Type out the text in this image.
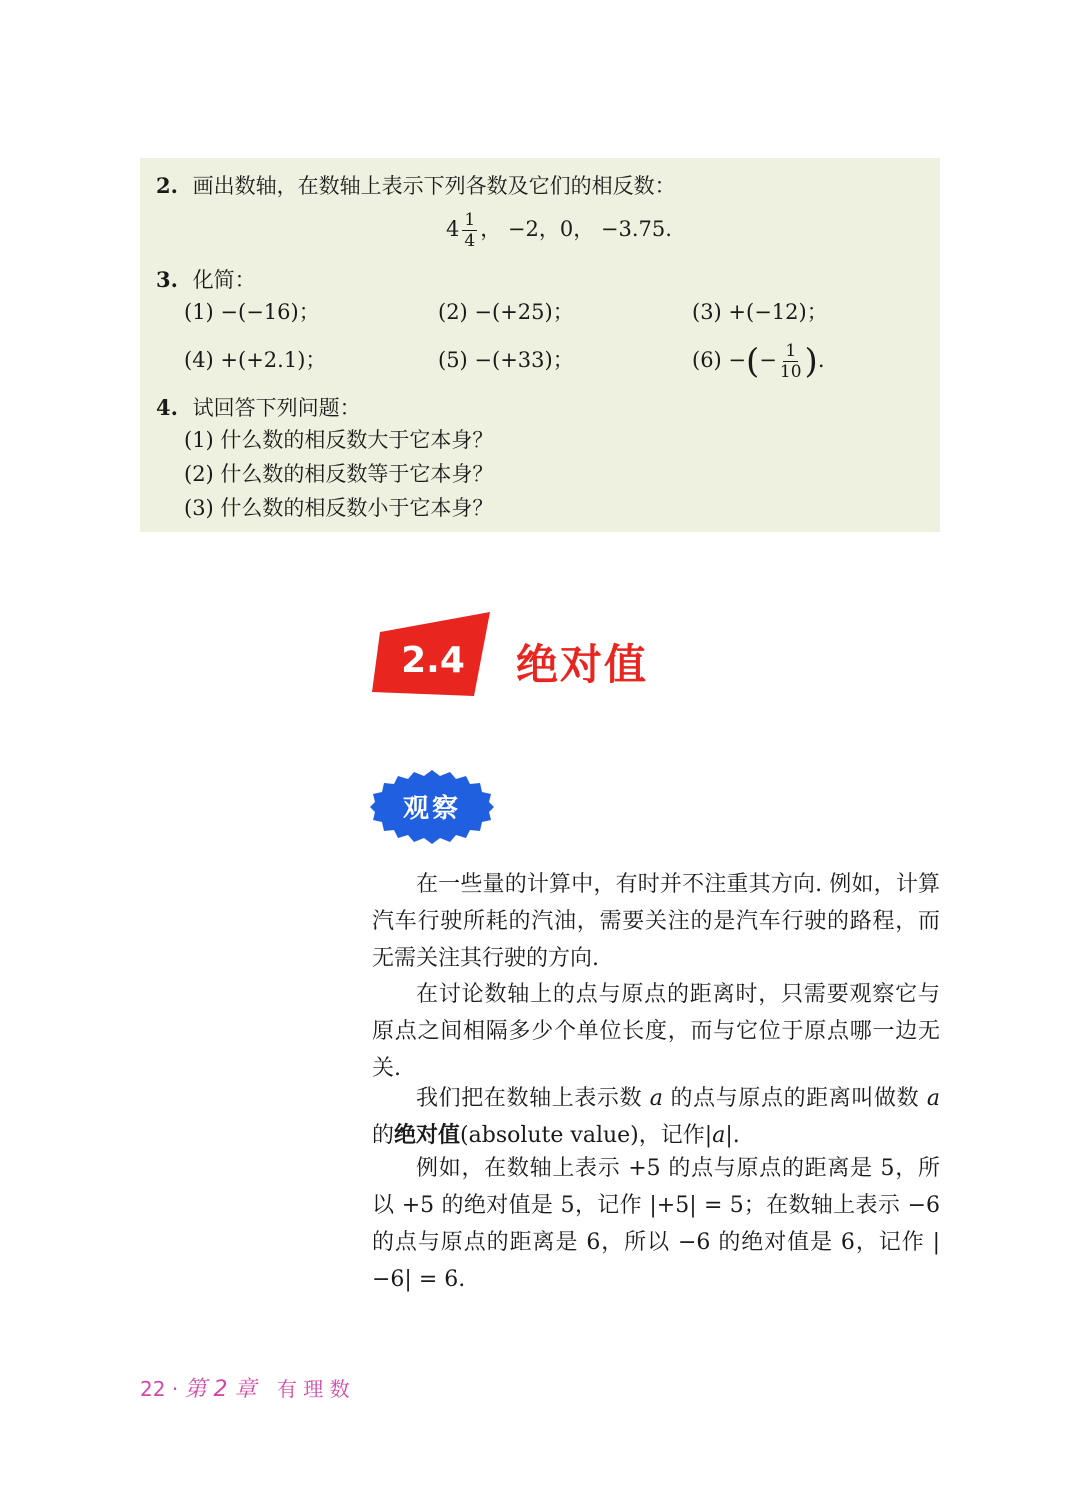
2. 画出数轴，在数轴上表示下列各数及它们的相反数：
$4 \frac{1}{4}$ ， −2，0， −3.75.
3. 化简：
(1) −(−16)；	(2) −(+25)；	(3) +(−12)；
(4) +(+2.1)；	(5) −(+33)；	(6) −(− $\frac{1}{10}$ ).
4. 试回答下列问题：
(1) 什么数的相反数大于它本身？
(2) 什么数的相反数等于它本身？
(3) 什么数的相反数小于它本身？
2.4	绝对值
观察
在一些量的计算中，有时并不注重其方向. 例如，计算汽车行驶所耗的汽油，需要关注的是汽车行驶的路程，而无需关注其行驶的方向.
在讨论数轴上的点与原点的距离时，只需要观察它与原点之间相隔多少个单位长度，而与它位于原点哪一边无关.
我们把在数轴上表示数 a 的点与原点的距离叫做数 a 的绝对值(absolute value)，记作|a|.
例如，在数轴上表示 +5 的点与原点的距离是 5，所以 +5 的绝对值是 5，记作 |+5| = 5；在数轴上表示 −6 的点与原点的距离是 6，所以 −6 的绝对值是 6，记作 |−6| = 6.
22 · 第 2 章 有 理 数
